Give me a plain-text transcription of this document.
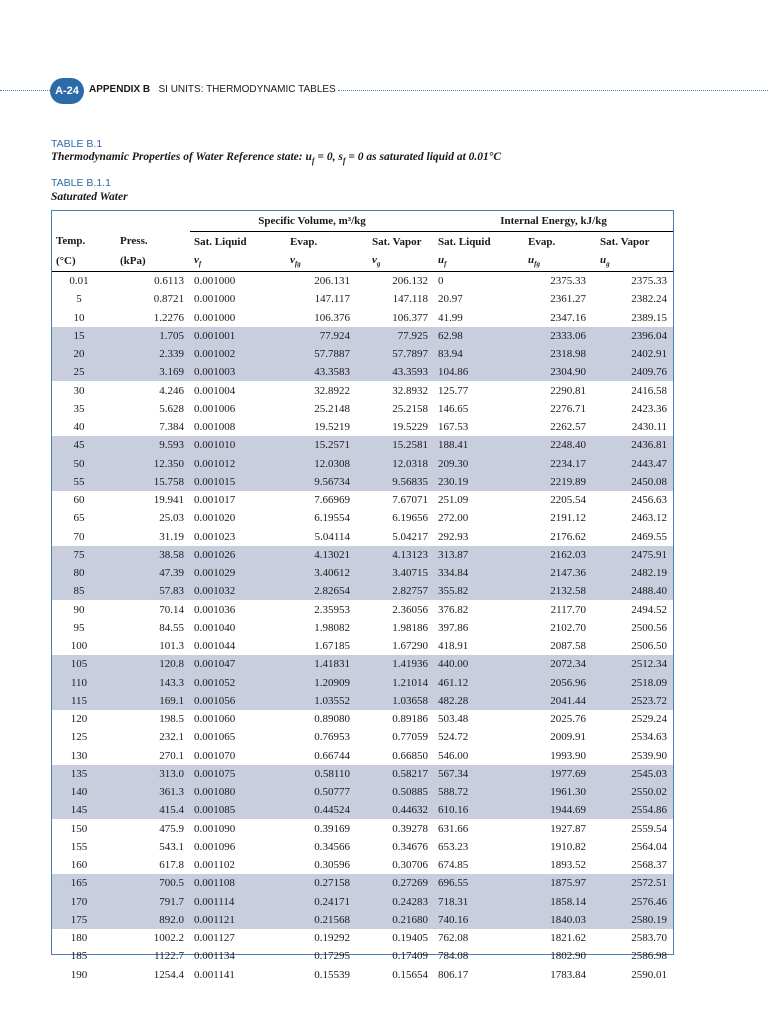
A-24	APPENDIX B SI UNITS: THERMODYNAMIC TABLES
TABLE B.1
Thermodynamic Properties of Water Reference state: $u_f = 0$, $s_f = 0$ as saturated liquid at 0.01°C
TABLE B.1.1
Saturated Water
		Specific Volume, m³/kg			Internal Energy, kJ/kg		
Temp.	Press.	Sat. Liquid	Evap.	Sat. Vapor	Sat. Liquid	Evap.	Sat. Vapor
(°C)	(kPa)	$v_f$	$v_{fg}$	$v_g$	$u_f$	$u_{fg}$	$u_g$
0.01	0.6113	0.001000	206.131	206.132	0	2375.33	2375.33
5	0.8721	0.001000	147.117	147.118	20.97	2361.27	2382.24
10	1.2276	0.001000	106.376	106.377	41.99	2347.16	2389.15
15	1.705	0.001001	77.924	77.925	62.98	2333.06	2396.04
20	2.339	0.001002	57.7887	57.7897	83.94	2318.98	2402.91
25	3.169	0.001003	43.3583	43.3593	104.86	2304.90	2409.76
30	4.246	0.001004	32.8922	32.8932	125.77	2290.81	2416.58
35	5.628	0.001006	25.2148	25.2158	146.65	2276.71	2423.36
40	7.384	0.001008	19.5219	19.5229	167.53	2262.57	2430.11
45	9.593	0.001010	15.2571	15.2581	188.41	2248.40	2436.81
50	12.350	0.001012	12.0308	12.0318	209.30	2234.17	2443.47
55	15.758	0.001015	9.56734	9.56835	230.19	2219.89	2450.08
60	19.941	0.001017	7.66969	7.67071	251.09	2205.54	2456.63
65	25.03	0.001020	6.19554	6.19656	272.00	2191.12	2463.12
70	31.19	0.001023	5.04114	5.04217	292.93	2176.62	2469.55
75	38.58	0.001026	4.13021	4.13123	313.87	2162.03	2475.91
80	47.39	0.001029	3.40612	3.40715	334.84	2147.36	2482.19
85	57.83	0.001032	2.82654	2.82757	355.82	2132.58	2488.40
90	70.14	0.001036	2.35953	2.36056	376.82	2117.70	2494.52
95	84.55	0.001040	1.98082	1.98186	397.86	2102.70	2500.56
100	101.3	0.001044	1.67185	1.67290	418.91	2087.58	2506.50
105	120.8	0.001047	1.41831	1.41936	440.00	2072.34	2512.34
110	143.3	0.001052	1.20909	1.21014	461.12	2056.96	2518.09
115	169.1	0.001056	1.03552	1.03658	482.28	2041.44	2523.72
120	198.5	0.001060	0.89080	0.89186	503.48	2025.76	2529.24
125	232.1	0.001065	0.76953	0.77059	524.72	2009.91	2534.63
130	270.1	0.001070	0.66744	0.66850	546.00	1993.90	2539.90
135	313.0	0.001075	0.58110	0.58217	567.34	1977.69	2545.03
140	361.3	0.001080	0.50777	0.50885	588.72	1961.30	2550.02
145	415.4	0.001085	0.44524	0.44632	610.16	1944.69	2554.86
150	475.9	0.001090	0.39169	0.39278	631.66	1927.87	2559.54
155	543.1	0.001096	0.34566	0.34676	653.23	1910.82	2564.04
160	617.8	0.001102	0.30596	0.30706	674.85	1893.52	2568.37
165	700.5	0.001108	0.27158	0.27269	696.55	1875.97	2572.51
170	791.7	0.001114	0.24171	0.24283	718.31	1858.14	2576.46
175	892.0	0.001121	0.21568	0.21680	740.16	1840.03	2580.19
180	1002.2	0.001127	0.19292	0.19405	762.08	1821.62	2583.70
185	1122.7	0.001134	0.17295	0.17409	784.08	1802.90	2586.98
190	1254.4	0.001141	0.15539	0.15654	806.17	1783.84	2590.01
